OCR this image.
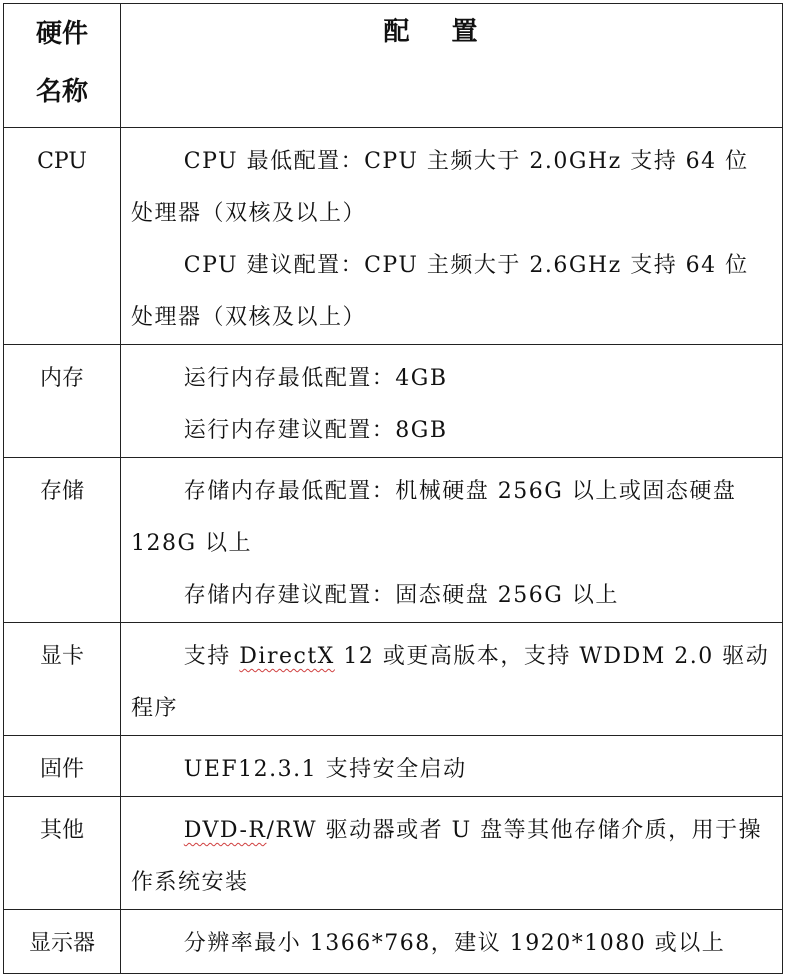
硬件
名称	配置
CPU	CPU 最低配置：CPU 主频大于 2.0GHz 支持 64 位处理器（双核及以上）

CPU 建议配置：CPU 主频大于 2.6GHz 支持 64 位处理器（双核及以上）

内存	运行内存最低配置：4GB

运行内存建议配置：8GB

存储	存储内存最低配置：机械硬盘 256G 以上或固态硬盘 128G 以上

存储内存建议配置：固态硬盘 256G 以上

显卡	支持 DirectX 12 或更高版本，支持 WDDM 2.0 驱动程序

固件	UEF12.3.1 支持安全启动

其他	DVD-R/RW 驱动器或者 U 盘等其他存储介质，用于操作系统安装

显示器	分辨率最小 1366*768，建议 1920*1080 或以上
